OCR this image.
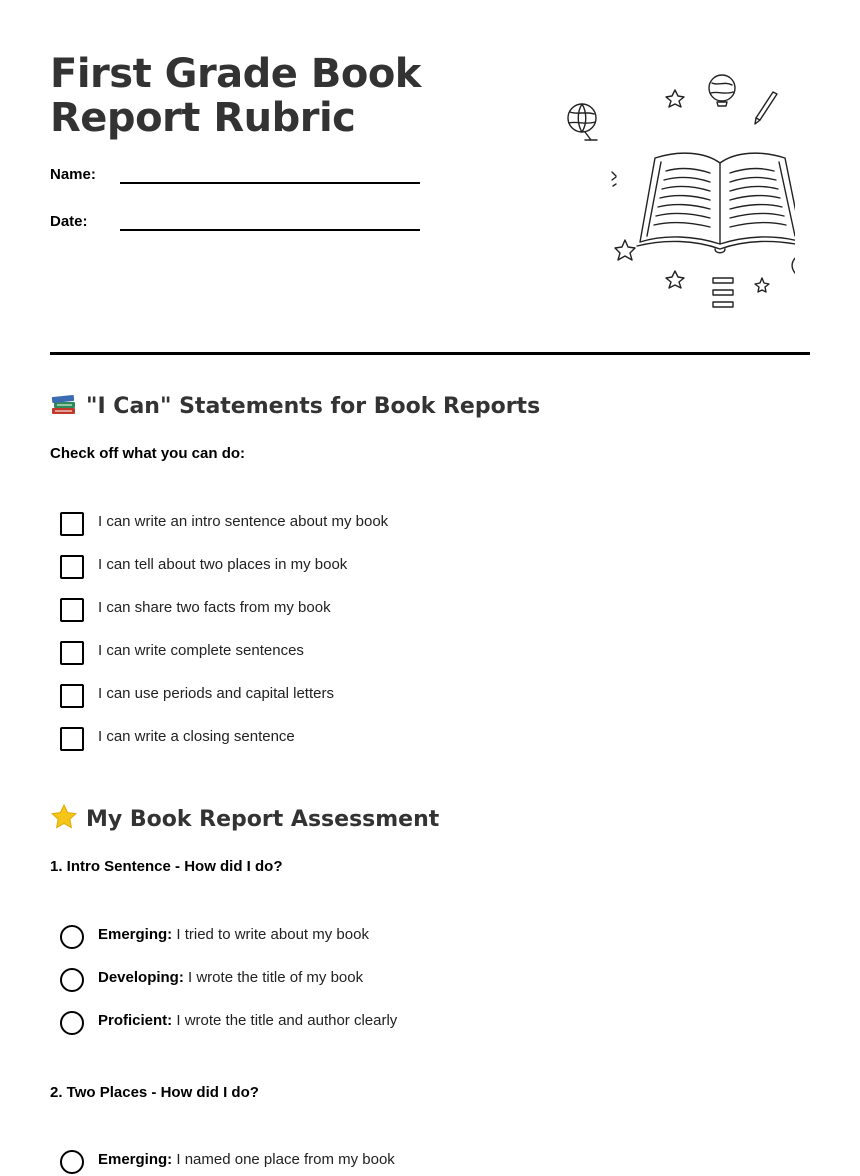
First Grade Book Report Rubric
Name:
Date:
"I Can" Statements for Book Reports
Check off what you can do:
I can write an intro sentence about my book
I can tell about two places in my book
I can share two facts from my book
I can write complete sentences
I can use periods and capital letters
I can write a closing sentence
My Book Report Assessment
1. Intro Sentence - How did I do?
Emerging: I tried to write about my book
Developing: I wrote the title of my book
Proficient: I wrote the title and author clearly
2. Two Places - How did I do?
Emerging: I named one place from my book
